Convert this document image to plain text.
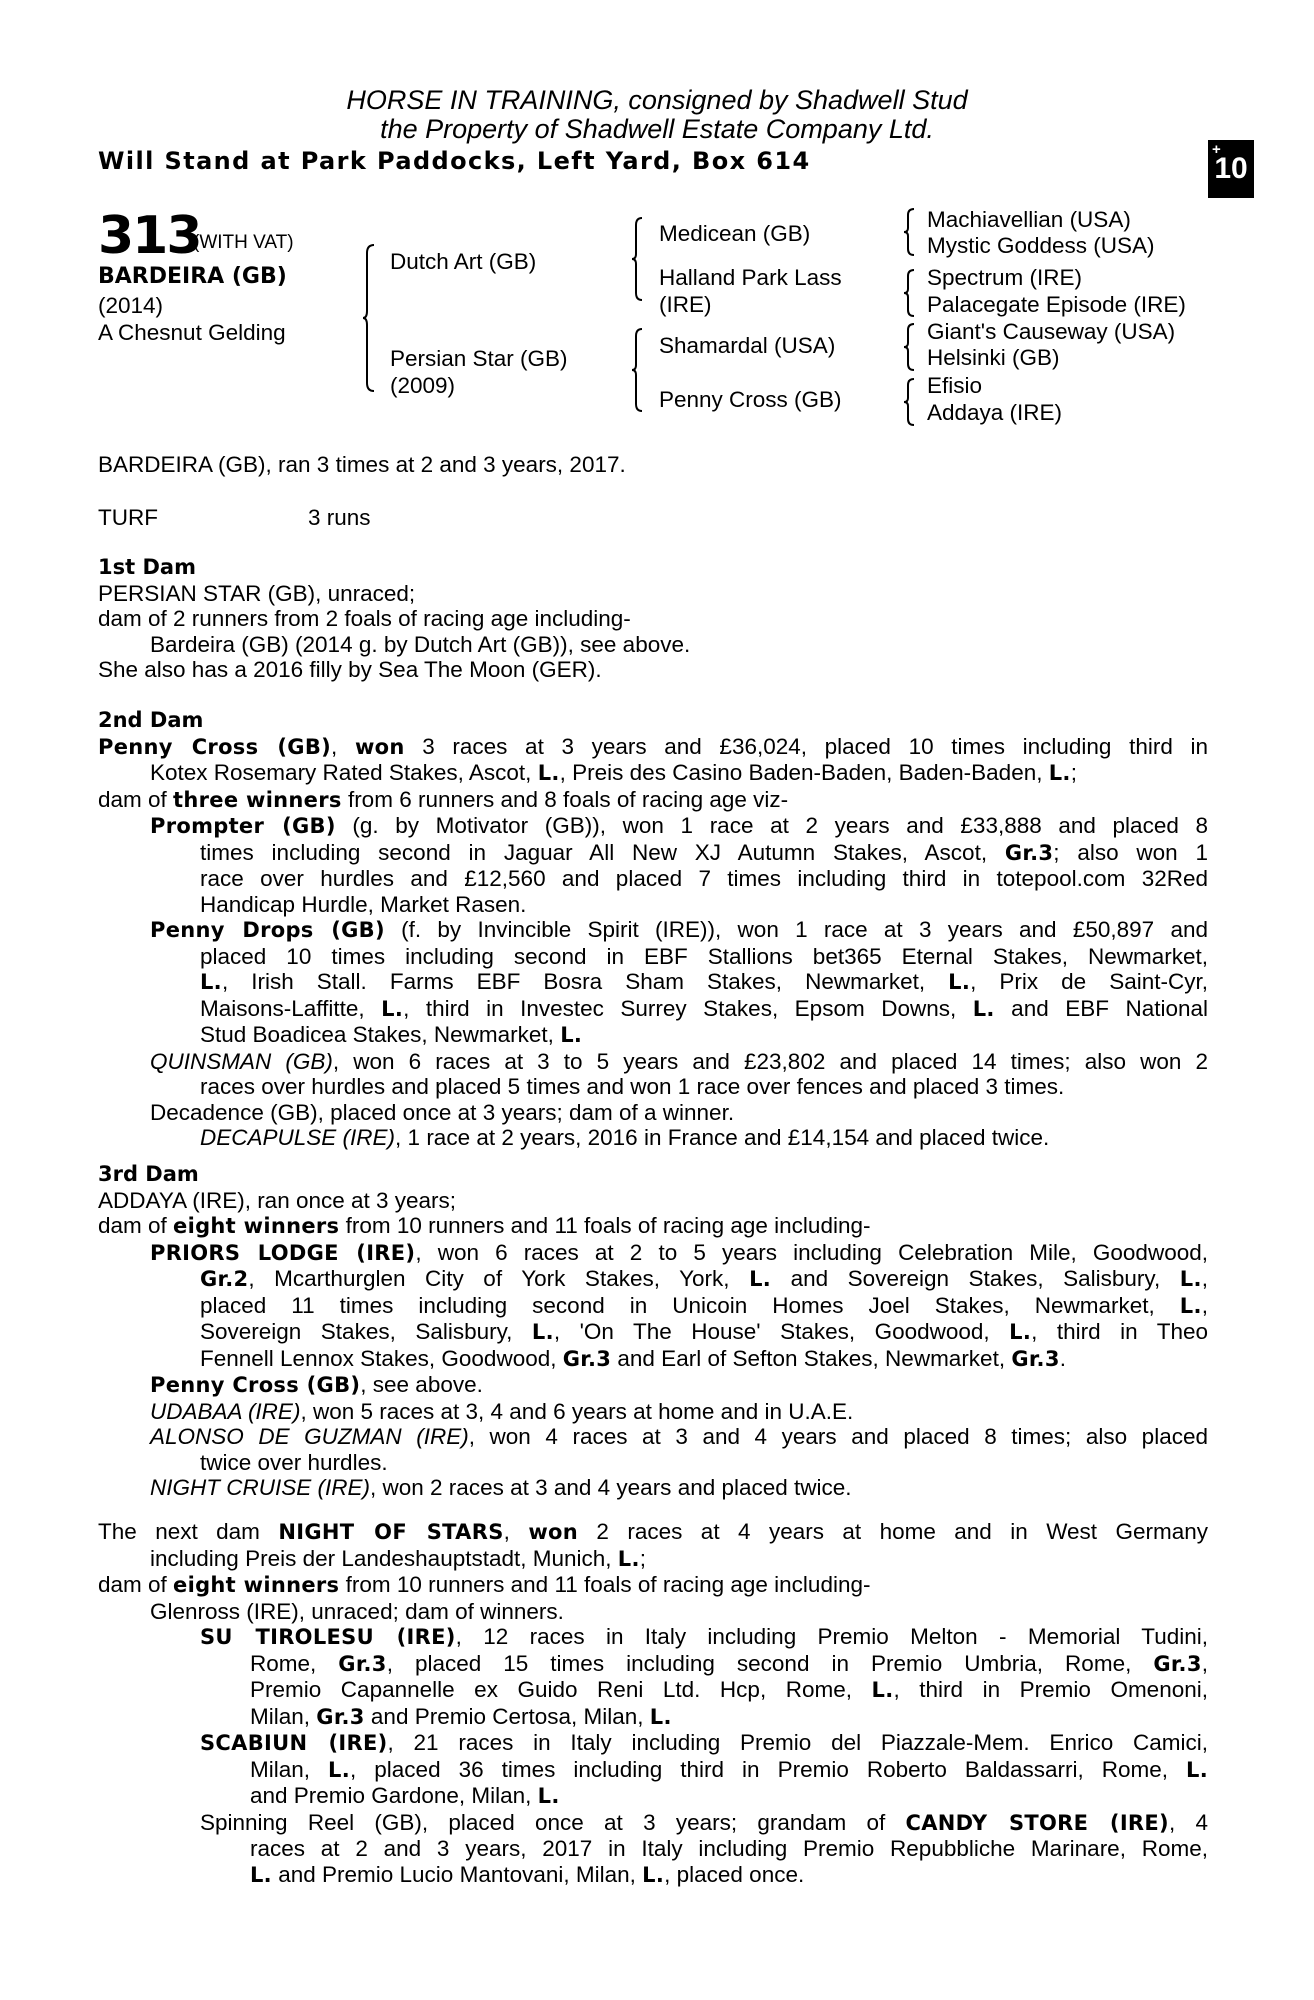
HORSE IN TRAINING, consigned by Shadwell Stud
the Property of Shadwell Estate Company Ltd.
Will Stand at Park Paddocks, Left Yard, Box 614	+
10
313
(WITH VAT)
BARDEIRA (GB)
(2014)
A Chesnut Gelding
Dutch Art (GB)
Persian Star (GB)
(2009)
Medicean (GB)
Halland Park Lass
(IRE)
Shamardal (USA)
Penny Cross (GB)
Machiavellian (USA)
Mystic Goddess (USA)
Spectrum (IRE)
Palacegate Episode (IRE)
Giant's Causeway (USA)
Helsinki (GB)
Efisio
Addaya (IRE)
BARDEIRA (GB), ran 3 times at 2 and 3 years, 2017.
TURF	3 runs
1st Dam
PERSIAN STAR (GB), unraced;
dam of 2 runners from 2 foals of racing age including-
Bardeira (GB) (2014 g. by Dutch Art (GB)), see above.
She also has a 2016 filly by Sea The Moon (GER).
2nd Dam
Penny Cross (GB), won 3 races at 3 years and £36,024, placed 10 times including third in
Kotex Rosemary Rated Stakes, Ascot, L., Preis des Casino Baden-Baden, Baden-Baden, L.;
dam of three winners from 6 runners and 8 foals of racing age viz-
Prompter (GB) (g. by Motivator (GB)), won 1 race at 2 years and £33,888 and placed 8
times including second in Jaguar All New XJ Autumn Stakes, Ascot, Gr.3; also won 1
race over hurdles and £12,560 and placed 7 times including third in totepool.com 32Red
Handicap Hurdle, Market Rasen.
Penny Drops (GB) (f. by Invincible Spirit (IRE)), won 1 race at 3 years and £50,897 and
placed 10 times including second in EBF Stallions bet365 Eternal Stakes, Newmarket,
L., Irish Stall. Farms EBF Bosra Sham Stakes, Newmarket, L., Prix de Saint-Cyr,
Maisons-Laffitte, L., third in Investec Surrey Stakes, Epsom Downs, L. and EBF National
Stud Boadicea Stakes, Newmarket, L.
QUINSMAN (GB), won 6 races at 3 to 5 years and £23,802 and placed 14 times; also won 2
races over hurdles and placed 5 times and won 1 race over fences and placed 3 times.
Decadence (GB), placed once at 3 years; dam of a winner.
DECAPULSE (IRE), 1 race at 2 years, 2016 in France and £14,154 and placed twice.
3rd Dam
ADDAYA (IRE), ran once at 3 years;
dam of eight winners from 10 runners and 11 foals of racing age including-
PRIORS LODGE (IRE), won 6 races at 2 to 5 years including Celebration Mile, Goodwood,
Gr.2, Mcarthurglen City of York Stakes, York, L. and Sovereign Stakes, Salisbury, L.,
placed 11 times including second in Unicoin Homes Joel Stakes, Newmarket, L.,
Sovereign Stakes, Salisbury, L., 'On The House' Stakes, Goodwood, L., third in Theo
Fennell Lennox Stakes, Goodwood, Gr.3 and Earl of Sefton Stakes, Newmarket, Gr.3.
Penny Cross (GB), see above.
UDABAA (IRE), won 5 races at 3, 4 and 6 years at home and in U.A.E.
ALONSO DE GUZMAN (IRE), won 4 races at 3 and 4 years and placed 8 times; also placed
twice over hurdles.
NIGHT CRUISE (IRE), won 2 races at 3 and 4 years and placed twice.
The next dam NIGHT OF STARS, won 2 races at 4 years at home and in West Germany
including Preis der Landeshauptstadt, Munich, L.;
dam of eight winners from 10 runners and 11 foals of racing age including-
Glenross (IRE), unraced; dam of winners.
SU TIROLESU (IRE), 12 races in Italy including Premio Melton - Memorial Tudini,
Rome, Gr.3, placed 15 times including second in Premio Umbria, Rome, Gr.3,
Premio Capannelle ex Guido Reni Ltd. Hcp, Rome, L., third in Premio Omenoni,
Milan, Gr.3 and Premio Certosa, Milan, L.
SCABIUN (IRE), 21 races in Italy including Premio del Piazzale-Mem. Enrico Camici,
Milan, L., placed 36 times including third in Premio Roberto Baldassarri, Rome, L.
and Premio Gardone, Milan, L.
Spinning Reel (GB), placed once at 3 years; grandam of CANDY STORE (IRE), 4
races at 2 and 3 years, 2017 in Italy including Premio Repubbliche Marinare, Rome,
L. and Premio Lucio Mantovani, Milan, L., placed once.
